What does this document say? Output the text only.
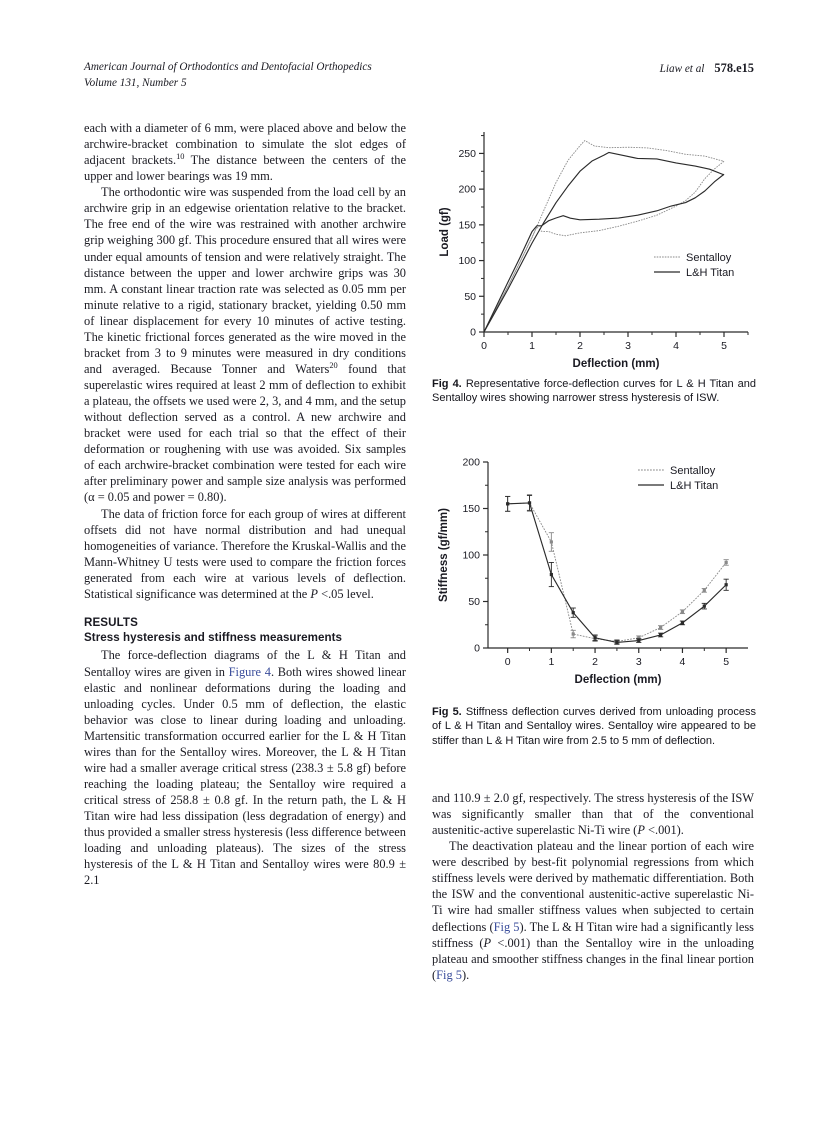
American Journal of Orthodontics and Dentofacial Orthopedics
Volume 131, Number 5
Liaw et al 578.e15

each with a diameter of 6 mm, were placed above and below the archwire-bracket combination to simulate the slot edges of adjacent brackets.$^{10}$ The distance between the centers of the upper and lower bearings was 19 mm.

The orthodontic wire was suspended from the load cell by an archwire grip in an edgewise orientation relative to the bracket. The free end of the wire was restrained with another archwire grip weighing 300 gf. This procedure ensured that all wires were under equal amounts of tension and were relatively straight. The distance between the upper and lower archwire grips was 30 mm. A constant linear traction rate was selected as 0.05 mm per minute relative to a rigid, stationary bracket, yielding 0.50 mm of linear displacement for every 10 minutes of active testing. The kinetic frictional forces generated as the wire moved in the bracket from 3 to 9 minutes were measured in dry conditions and averaged. Because Tonner and Waters$^{20}$ found that superelastic wires required at least 2 mm of deflection to exhibit a plateau, the offsets we used were 2, 3, and 4 mm, and the setup without deflection served as a control. A new archwire and bracket were used for each trial so that the effect of their deformation or roughening with use was avoided. Six samples of each archwire-bracket combination were tested for each wire after preliminary power and sample size analysis was performed (α = 0.05 and power = 0.80).

The data of friction force for each group of wires at different offsets did not have normal distribution and had unequal homogeneities of variance. Therefore the Kruskal-Wallis and the Mann-Whitney U tests were used to compare the friction forces generated from each wire at various levels of deflection. Statistical significance was determined at the P <.05 level.

RESULTS
Stress hysteresis and stiffness measurements

The force-deflection diagrams of the L & H Titan and Sentalloy wires are given in Figure 4. Both wires showed linear elastic and nonlinear deformations during the loading and unloading cycles. Under 0.5 mm of deflection, the elastic behavior was close to linear during loading and unloading. Martensitic transformation occurred earlier for the L & H Titan wires than for the Sentalloy wires. Moreover, the L & H Titan wire had a smaller average critical stress (238.3 ± 5.8 gf) before reaching the loading plateau; the Sentalloy wire required a critical stress of 258.8 ± 0.8 gf. In the return path, the L & H Titan wire had less dissipation (less degradation of energy) and thus provided a smaller stress hysteresis (less difference between loading and unloading plateaus). The sizes of the stress hysteresis of the L & H Titan and Sentalloy wires were 80.9 ± 2.1

and 110.9 ± 2.0 gf, respectively. The stress hysteresis of the ISW was significantly smaller than that of the conventional austenitic-active superelastic Ni-Ti wire (P <.001).

The deactivation plateau and the linear portion of each wire were described by best-fit polynomial regressions from which stiffness levels were derived by mathematic differentiation. Both the ISW and the conventional austenitic-active superelastic Ni-Ti wire had smaller stiffness values when subjected to certain deflections (Fig 5). The L & H Titan wire had a significantly less stiffness (P <.001) than the Sentalloy wire in the unloading plateau and smoother stiffness changes in the final linear portion (Fig 5).

0
50
100
150
200
250
0	1	2	3	4	5
Deflection (mm)
Load (gf)
Sentalloy
L&H Titan
Fig 4. Representative force-deflection curves for L & H Titan and Sentalloy wires showing narrower stress hysteresis of ISW.
0
50
100
150
200
0	1	2	3	4	5
Deflection (mm)
Stiffness (gf/mm)
Sentalloy
L&H Titan
Fig 5. Stiffness deflection curves derived from unloading process of L & H Titan and Sentalloy wires. Sentalloy wire appeared to be stiffer than L & H Titan wire from 2.5 to 5 mm of deflection.
